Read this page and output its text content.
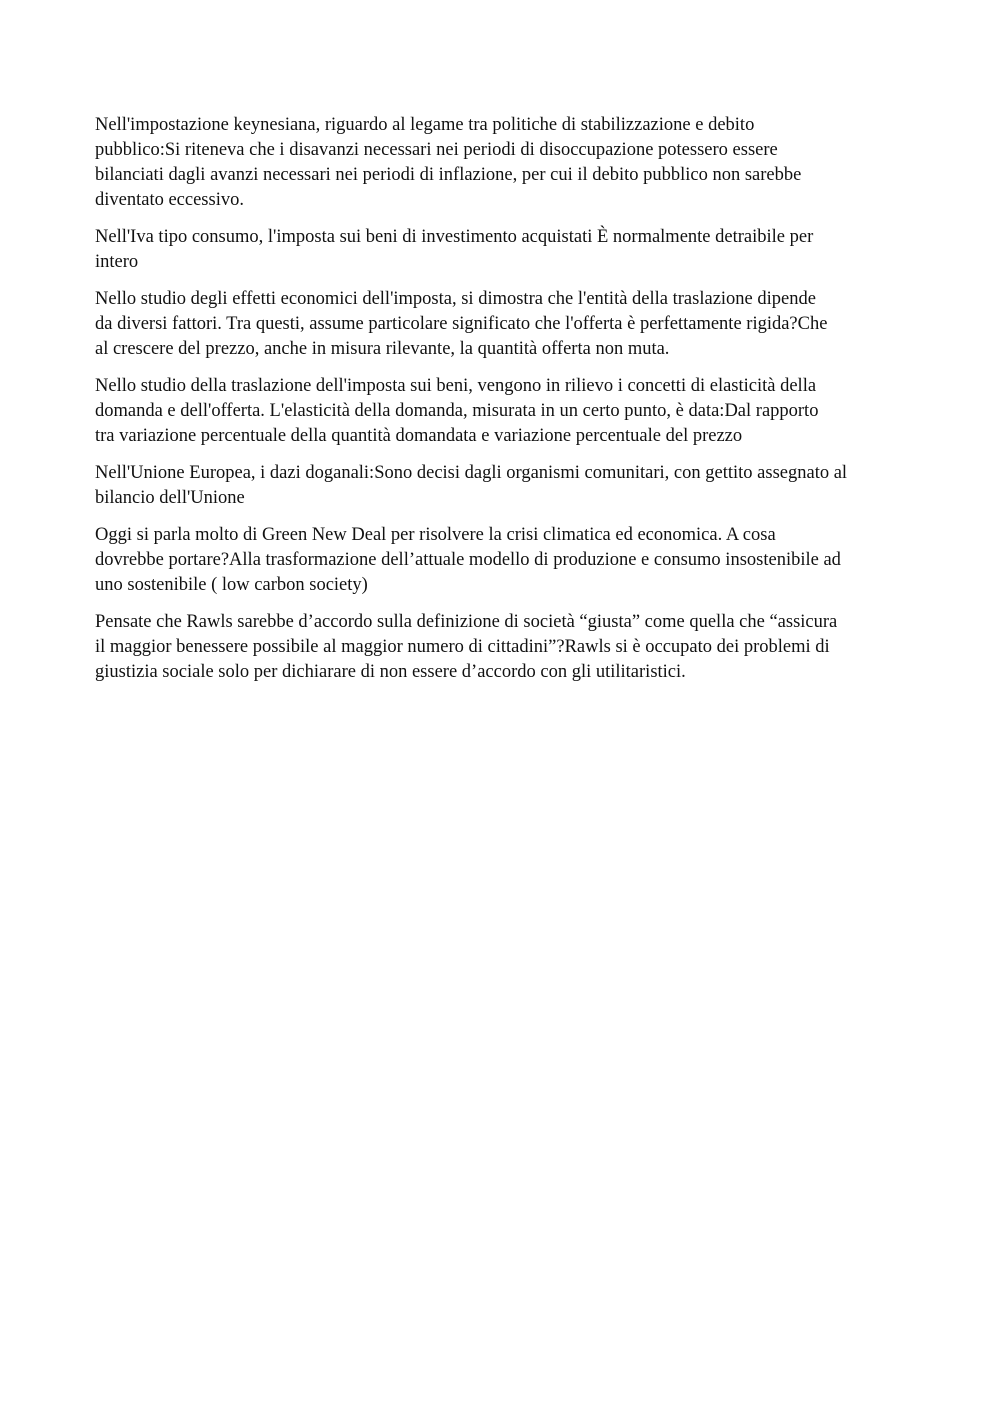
Nell'impostazione keynesiana, riguardo al legame tra politiche di stabilizzazione e debito
pubblico:Si riteneva che i disavanzi necessari nei periodi di disoccupazione potessero essere
bilanciati dagli avanzi necessari nei periodi di inflazione, per cui il debito pubblico non sarebbe
diventato eccessivo.

Nell'Iva tipo consumo, l'imposta sui beni di investimento acquistati È normalmente detraibile per
intero

Nello studio degli effetti economici dell'imposta, si dimostra che l'entità della traslazione dipende
da diversi fattori. Tra questi, assume particolare significato che l'offerta è perfettamente rigida?Che
al crescere del prezzo, anche in misura rilevante, la quantità offerta non muta.

Nello studio della traslazione dell'imposta sui beni, vengono in rilievo i concetti di elasticità della
domanda e dell'offerta. L'elasticità della domanda, misurata in un certo punto, è data:Dal rapporto
tra variazione percentuale della quantità domandata e variazione percentuale del prezzo

Nell'Unione Europea, i dazi doganali:Sono decisi dagli organismi comunitari, con gettito assegnato al
bilancio dell'Unione

Oggi si parla molto di Green New Deal per risolvere la crisi climatica ed economica. A cosa
dovrebbe portare?Alla trasformazione dell’attuale modello di produzione e consumo insostenibile ad
uno sostenibile ( low carbon society)

Pensate che Rawls sarebbe d’accordo sulla definizione di società “giusta” come quella che “assicura
il maggior benessere possibile al maggior numero di cittadini”?Rawls si è occupato dei problemi di
giustizia sociale solo per dichiarare di non essere d’accordo con gli utilitaristici.
